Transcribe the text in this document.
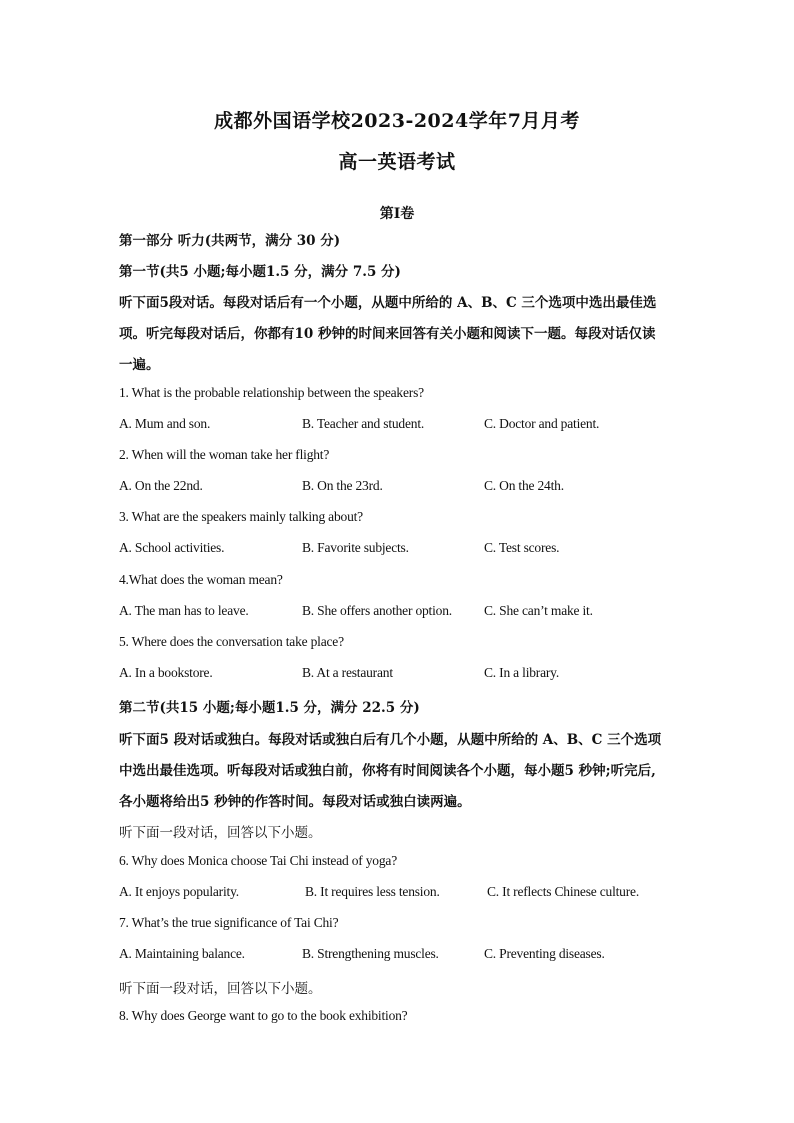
成都外国语学校2023-2024学年7月月考
高一英语考试
第I卷
第一部分 听力(共两节，满分 30 分)
第一节(共5 小题;每小题1.5 分，满分 7.5 分)
听下面5段对话。每段对话后有一个小题，从题中所给的 A、B、C 三个选项中选出最佳选
项。听完每段对话后，你都有10 秒钟的时间来回答有关小题和阅读下一题。每段对话仅读
一遍。
1. What is the probable relationship between the speakers?
A. Mum and son.	B. Teacher and student.	C. Doctor and patient.
2. When will the woman take her flight?
A. On the 22nd.	B. On the 23rd.	C. On the 24th.
3. What are the speakers mainly talking about?
A. School activities.	B. Favorite subjects.	C. Test scores.
4.What does the woman mean?
A. The man has to leave.	B. She offers another option. C. She can’t make it.
5. Where does the conversation take place?
A. In a bookstore.	B. At a restaurant	C. In a library.
第二节(共15 小题;每小题1.5 分，满分 22.5 分)
听下面5 段对话或独白。每段对话或独白后有几个小题，从题中所给的 A、B、C 三个选项
中选出最佳选项。听每段对话或独白前，你将有时间阅读各个小题，每小题5 秒钟;听完后,
各小题将给出5 秒钟的作答时间。每段对话或独白读两遍。
听下面一段对话，回答以下小题。
6. Why does Monica choose Tai Chi instead of yoga?
A. It enjoys popularity.	B. It requires less tension.	C. It reflects Chinese culture.
7. What’s the true significance of Tai Chi?
A. Maintaining balance.	B. Strengthening muscles.	C. Preventing diseases.
听下面一段对话，回答以下小题。
8. Why does George want to go to the book exhibition?
